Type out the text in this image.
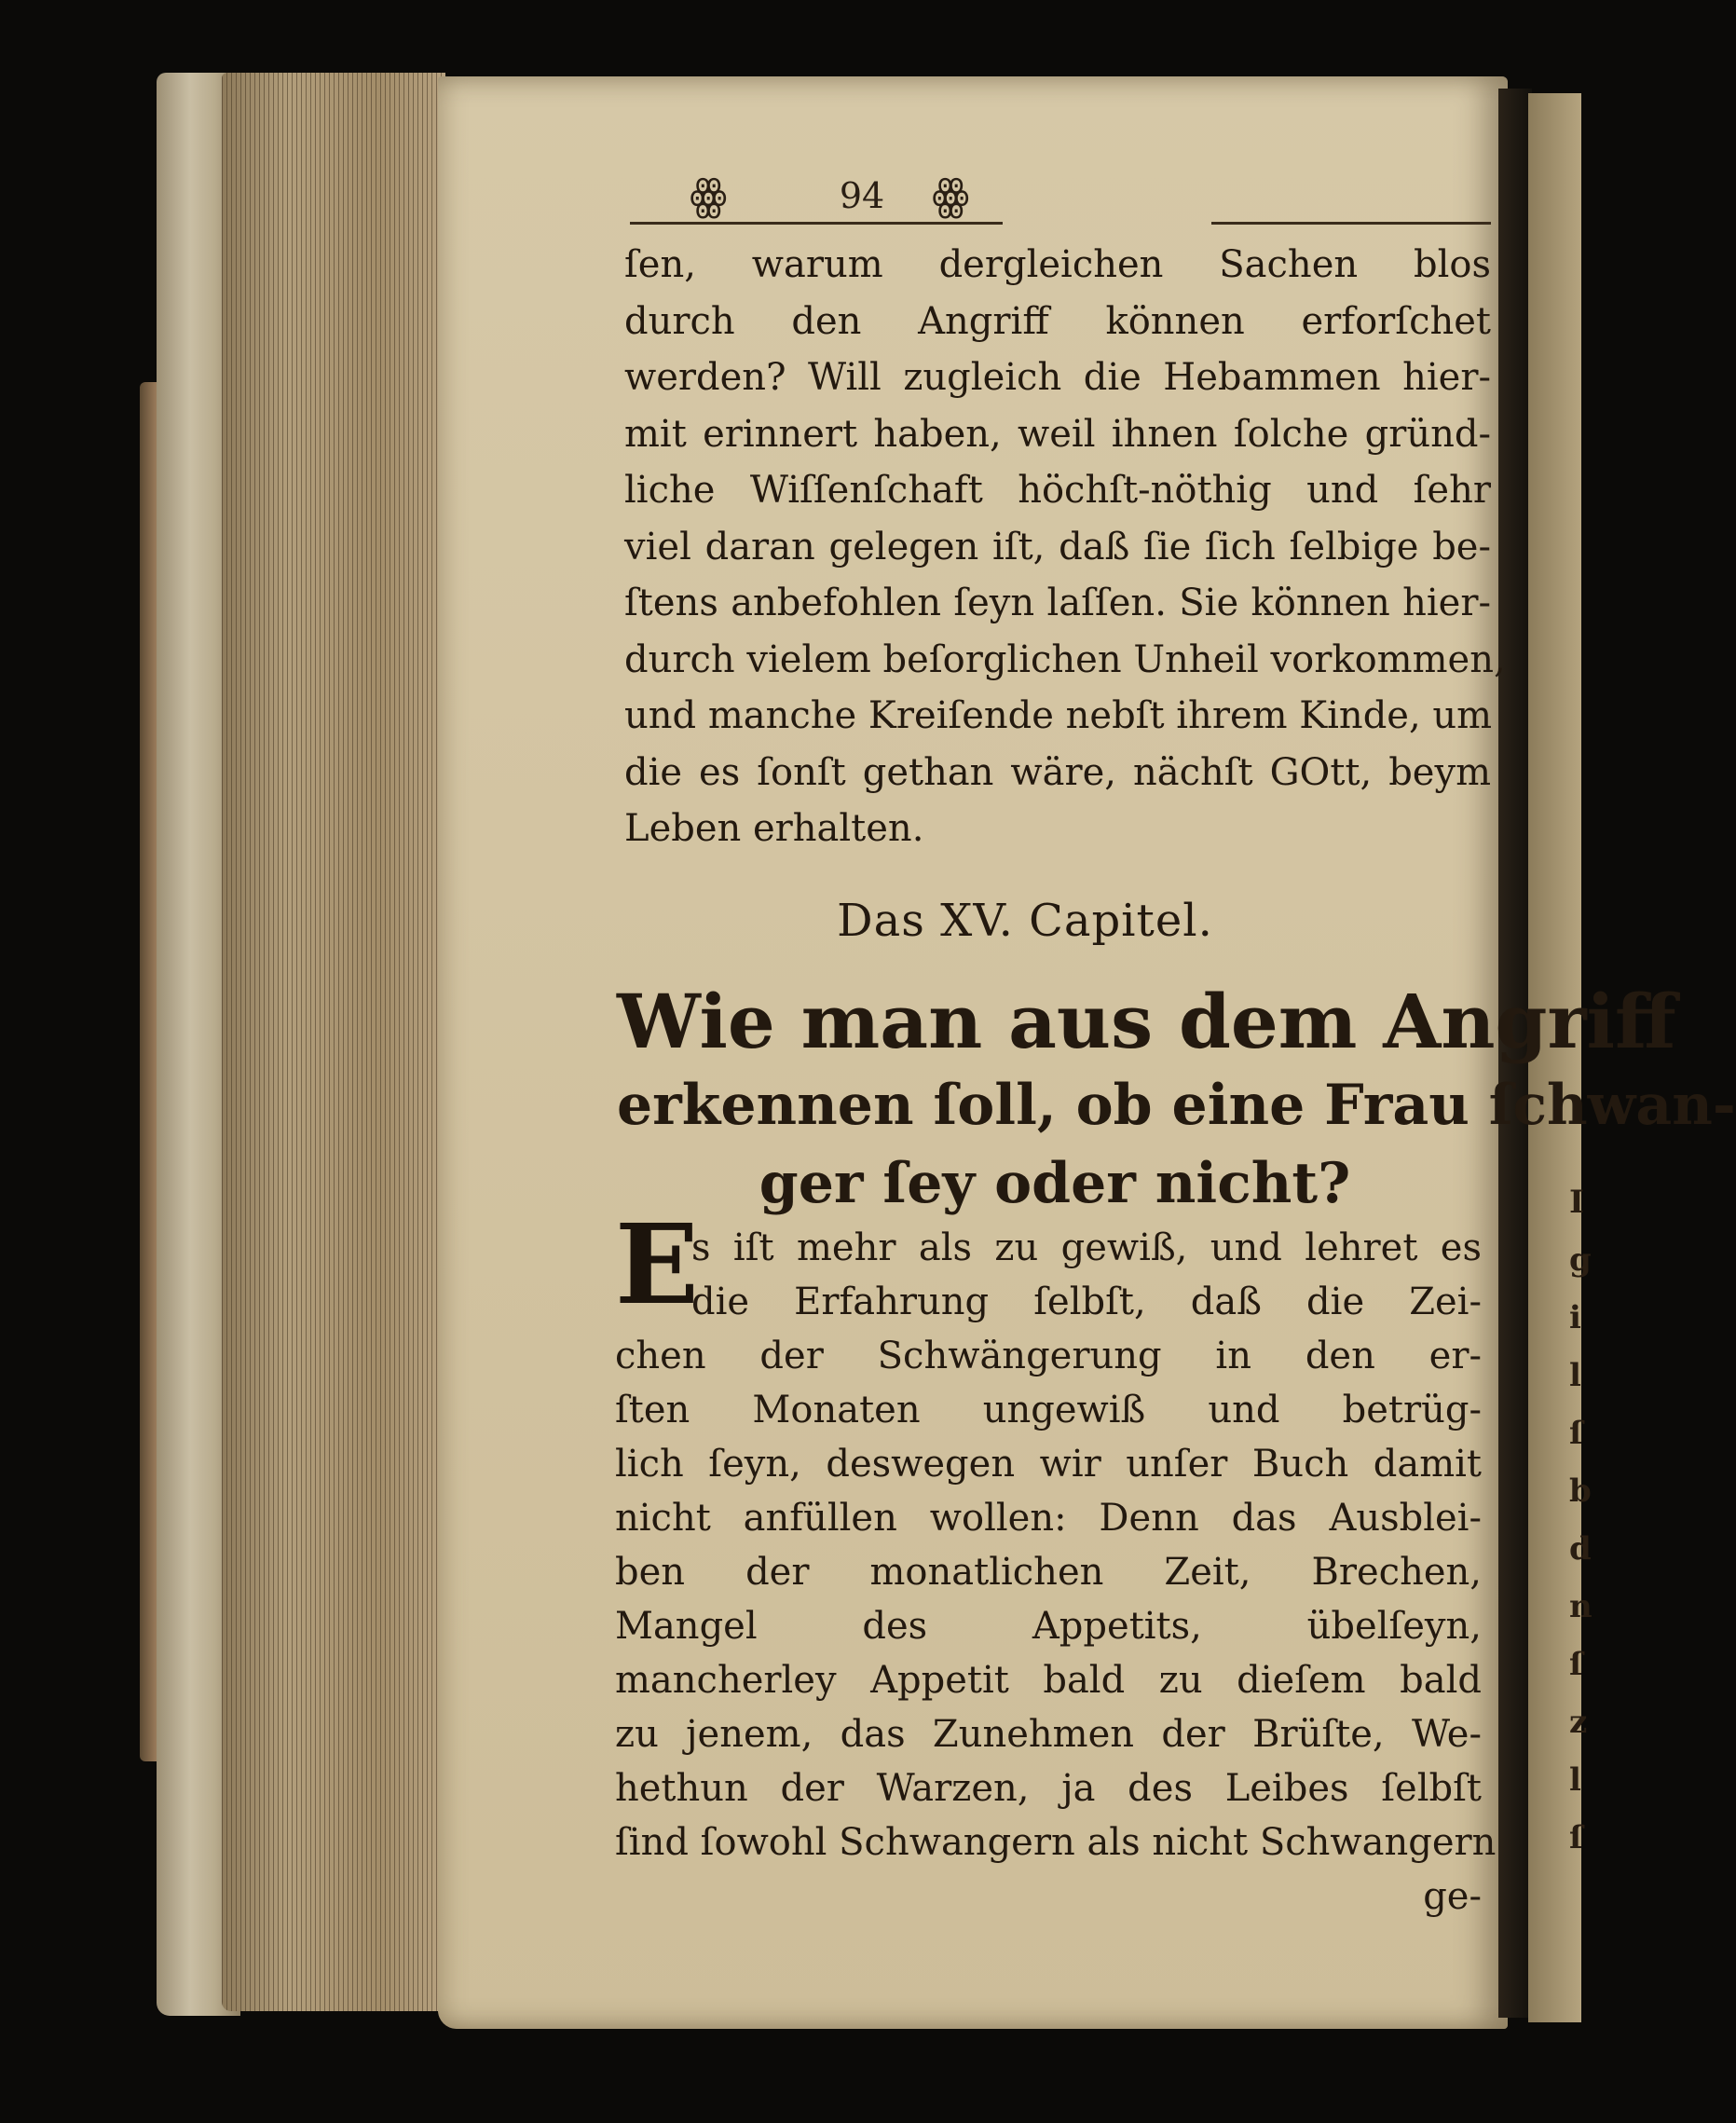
I
g
i
l
ſ
b
d
n
ſ
z
l
ſ
ꙮ	94	ꙮ
ſen, warum dergleichen Sachen blos
durch den Angriff können erforſchet
werden? Will zugleich die Hebammen hier-
mit erinnert haben, weil ihnen ſolche gründ-
liche Wiſſenſchaft höchſt-nöthig und ſehr
viel daran gelegen iſt, daß ſie ſich ſelbige be-
ſtens anbefohlen ſeyn laſſen. Sie können hier-
durch vielem beſorglichen Unheil vorkommen,
und manche Kreiſende nebſt ihrem Kinde, um
die es ſonſt gethan wäre, nächſt GOtt, beym
Leben erhalten.
Das XV. Capitel.
Wie man aus dem Angriff
erkennen ſoll, ob eine Frau ſchwan-
ger ſey oder nicht?
E
s iſt mehr als zu gewiß, und lehret es
die Erfahrung ſelbſt, daß die Zei-
chen der Schwängerung in den er-
ſten Monaten ungewiß und betrüg-
lich ſeyn, deswegen wir unſer Buch damit
nicht anfüllen wollen: Denn das Ausblei-
ben der monatlichen Zeit, Brechen,
Mangel des Appetits, übelſeyn,
mancherley Appetit bald zu dieſem bald
zu jenem, das Zunehmen der Brüſte, We-
hethun der Warzen, ja des Leibes ſelbſt
ſind ſowohl Schwangern als nicht Schwangern
ge-
